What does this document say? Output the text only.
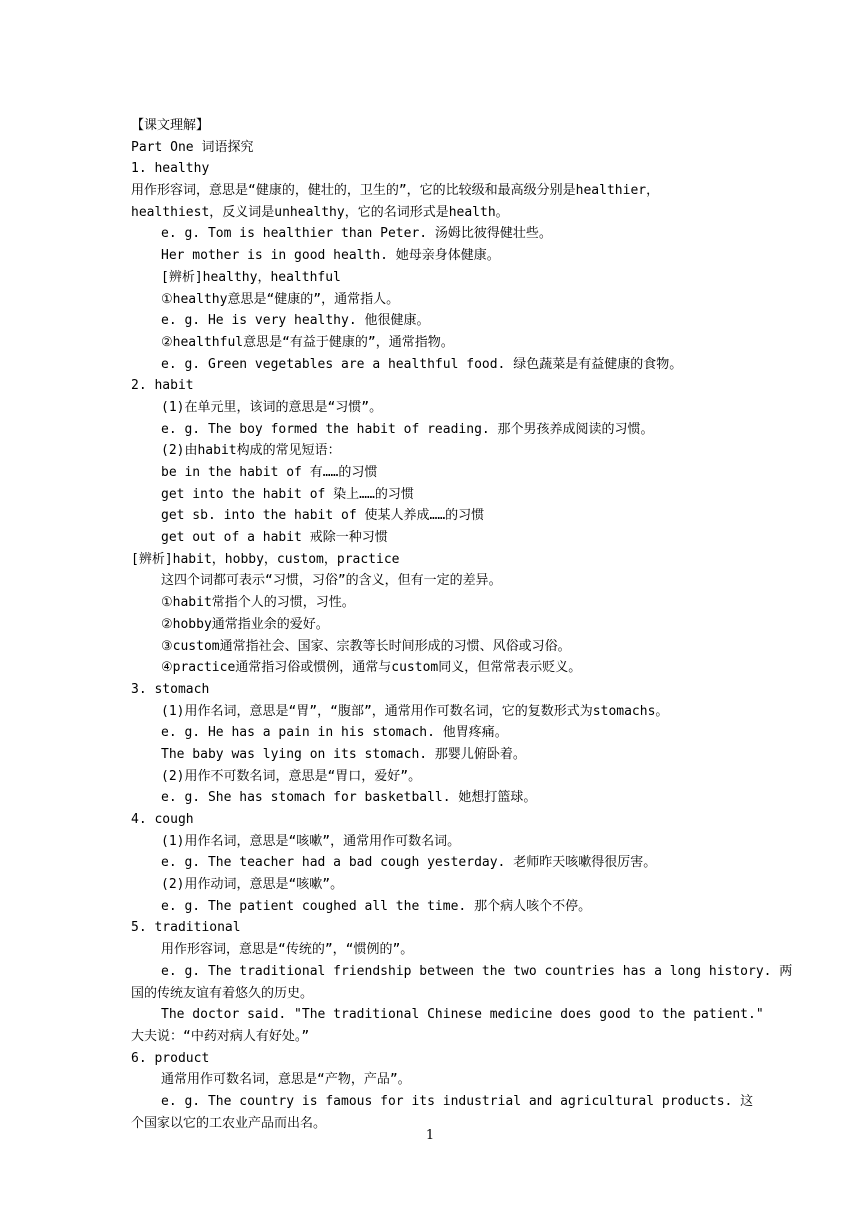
【课文理解】
Part One 词语探究
1. healthy
用作形容词，意思是“健康的，健壮的，卫生的”，它的比较级和最高级分别是healthier，
healthiest，反义词是unhealthy，它的名词形式是health。
e. g. Tom is healthier than Peter. 汤姆比彼得健壮些。
Her mother is in good health. 她母亲身体健康。
[辨析]healthy，healthful
①healthy意思是“健康的”，通常指人。
e. g. He is very healthy. 他很健康。
②healthful意思是“有益于健康的”，通常指物。
e. g. Green vegetables are a healthful food. 绿色蔬菜是有益健康的食物。
2. habit
(1)在单元里，该词的意思是“习惯”。
e. g. The boy formed the habit of reading. 那个男孩养成阅读的习惯。
(2)由habit构成的常见短语：
be in the habit of 有……的习惯
get into the habit of 染上……的习惯
get sb. into the habit of 使某人养成……的习惯
get out of a habit 戒除一种习惯
[辨析]habit，hobby，custom，practice
这四个词都可表示“习惯，习俗”的含义，但有一定的差异。
①habit常指个人的习惯，习性。
②hobby通常指业余的爱好。
③custom通常指社会、国家、宗教等长时间形成的习惯、风俗或习俗。
④practice通常指习俗或惯例，通常与custom同义，但常常表示贬义。
3. stomach
(1)用作名词，意思是“胃”，“腹部”，通常用作可数名词，它的复数形式为stomachs。
e. g. He has a pain in his stomach. 他胃疼痛。
The baby was lying on its stomach. 那婴儿俯卧着。
(2)用作不可数名词，意思是“胃口，爱好”。
e. g. She has stomach for basketball. 她想打篮球。
4. cough
(1)用作名词，意思是“咳嗽”，通常用作可数名词。
e. g. The teacher had a bad cough yesterday. 老师昨天咳嗽得很厉害。
(2)用作动词，意思是“咳嗽”。
e. g. The patient coughed all the time. 那个病人咳个不停。
5. traditional
用作形容词，意思是“传统的”，“惯例的”。
e. g. The traditional friendship between the two countries has a long history. 两
国的传统友谊有着悠久的历史。
The doctor said. "The traditional Chinese medicine does good to the patient."
大夫说：“中药对病人有好处。”
6. product
通常用作可数名词，意思是“产物，产品”。
e. g. The country is famous for its industrial and agricultural products. 这
个国家以它的工农业产品而出名。
1
